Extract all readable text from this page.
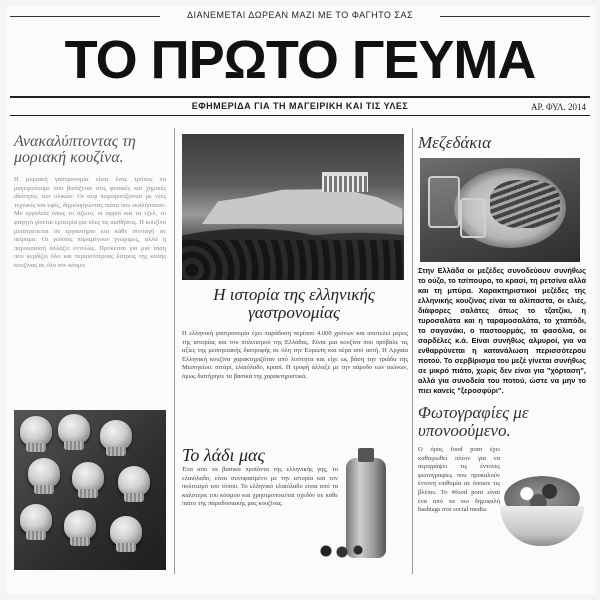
ΔΙΑΝΕΜΕΤΑΙ ΔΩΡΕΑΝ ΜΑΖΙ ΜΕ ΤΟ ΦΑΓΗΤΟ ΣΑΣ
ΤΟ ΠΡΩΤΟ ΓΕΥΜΑ
ΕΦΗΜΕΡΙΔΑ ΓΙΑ ΤΗ ΜΑΓΕΙΡΙΚΗ ΚΑΙ ΤΙΣ ΥΛΕΣ	ΑΡ. ΦΥΛ. 2014
Ανακαλύπτοντας τη μοριακή κουζίνα.
Η μοριακή γαστρονομία είναι ένας τρόπος να μαγειρεύουμε που βασίζεται στις φυσικές και χημικές ιδιότητες των υλικών. Οι σεφ πειραματίζονται με νέες τεχνικές και υφές, δημιουργώντας πιάτα που εκπλήσσουν. Με εργαλεία όπως το άζωτο, οι αφροί και τα τζελ, το φαγητό γίνεται εμπειρία για όλες τις αισθήσεις. Η κουζίνα μετατρέπεται σε εργαστήριο και κάθε συνταγή σε πείραμα. Οι γεύσεις παραμένουν γνώριμες, αλλά η παρουσίαση αλλάζει εντελώς. Πρόκειται για μια τάση που κερδίζει όλο και περισσότερους λάτρεις της καλής κουζίνας σε όλο τον κόσμο.
Η ιστορία της ελληνικής γαστρονομίας
Η ελληνική γαστρονομία έχει παράδοση περίπου 4.000 χρόνων και αποτελεί μέρος της ιστορίας και του πολιτισμού της Ελλάδας. Είναι μια κουζίνα που πρόβαλε τις αξίες της μεσογειακής διατροφής σε όλη την Ευρώπη και πέρα από αυτή. Η Αρχαία Ελληνική κουζίνα χαρακτηριζόταν από λιτότητα και είχε ως βάση την τριάδα της Μεσογείου: σιτάρι, ελαιόλαδο, κρασί. Η τροφή άλλαξε με την πάροδο των αιώνων, όμως διατήρησε τα βασικά της χαρακτηριστικά.
Το λάδι μας
Ένα από τα βασικά προϊόντα της ελληνικής γης, το ελαιόλαδο, είναι συνυφασμένο με την ιστορία και τον πολιτισμό του τόπου. Το ελληνικό ελαιόλαδο είναι από τα καλύτερα του κόσμου και χρησιμοποιείται σχεδόν σε κάθε πιάτο της παραδοσιακής μας κουζίνας.
Μεζεδάκια
Στην Ελλάδα οι μεζέδες συνοδεύουν συνήθως το ούζο, το τσίπουρο, το κρασί, τη ρετσίνα αλλά και τη μπύρα. Χαρακτηριστικοί μεζέδες της ελληνικής κουζίνας είναι τα αλίπαστα, οι ελιές, διάφορες σαλάτες όπως το τζατζίκι, η τυροσαλάτα και η ταραμοσαλάτα, το χταπόδι, το σαγανάκι, ο παστουρμάς, τα φασόλια, οι σαρδέλες κ.ά. Είναι συνήθως αλμυροί, για να ενθαρρύνεται η κατανάλωση περισσότερου ποτού. Το σερβίρισμα του μεζέ γίνεται συνήθως σε μικρό πιάτο, χωρίς δεν είναι για "χόρταση", αλλά για συνοδεία του ποτού, ώστε να μην το πιει κανείς "ξεροσφύρι".
Φωτογραφίες με υπονοούμενο.
Ο όρος food porn έχει καθιερωθεί πλέον για να περιγράψει τις έντονες φωτογραφίες που προκαλούν έντονη επιθυμία σε όποιον τις βλέπει. Το #food porn είναι ένα από τα πιο δημοφιλή hashtags στα social media.
